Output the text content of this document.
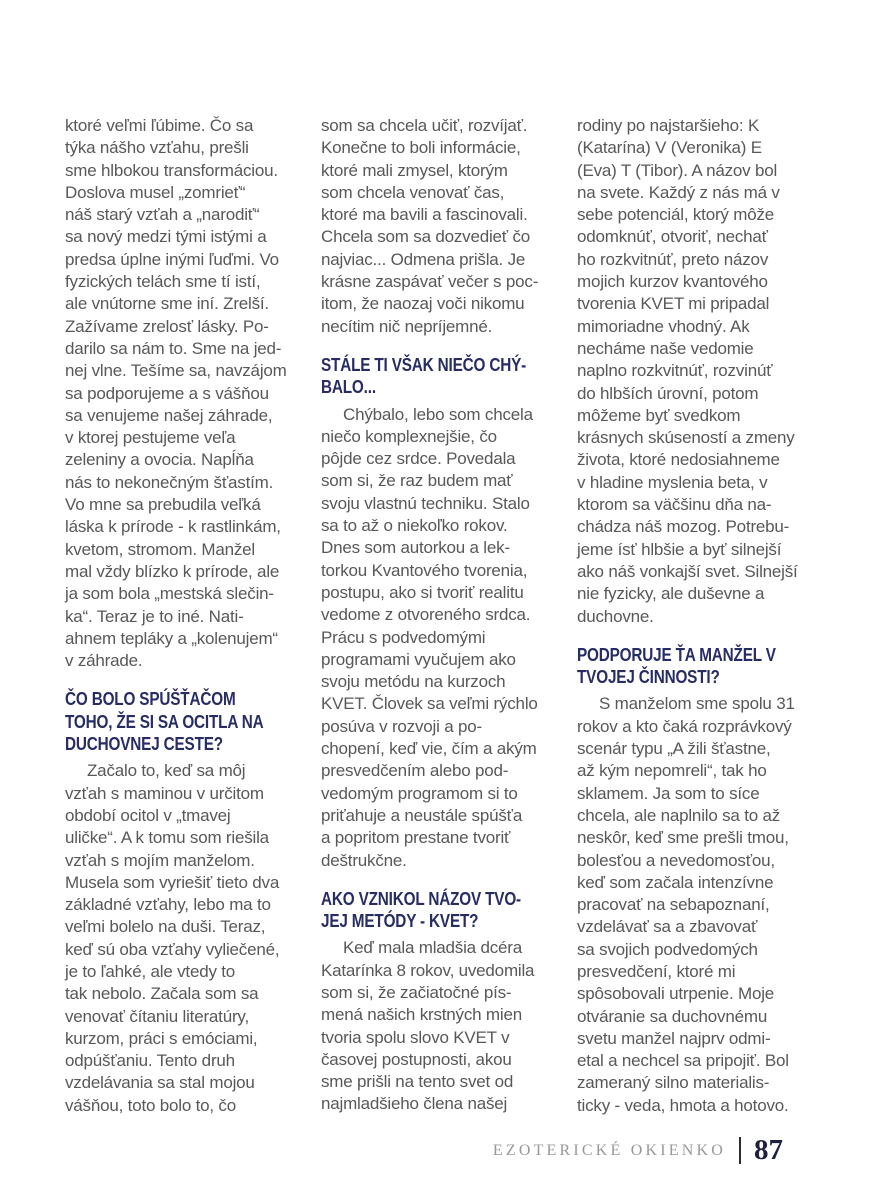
ktoré veľmi ľúbime. Čo sa
týka nášho vzťahu, prešli
sme hlbokou transformáciou.
Doslova musel „zomrieť“
náš starý vzťah a „narodiť“
sa nový medzi tými istými a
predsa úplne inými ľuďmi. Vo
fyzických telách sme tí istí,
ale vnútorne sme iní. Zrelší.
Zažívame zrelosť lásky. Po-
darilo sa nám to. Sme na jed-
nej vlne. Tešíme sa, navzájom
sa podporujeme a s vášňou
sa venujeme našej záhrade,
v ktorej pestujeme veľa
zeleniny a ovocia. Napĺňa
nás to nekonečným šťastím.
Vo mne sa prebudila veľká
láska k prírode - k rastlinkám,
kvetom, stromom. Manžel
mal vždy blízko k prírode, ale
ja som bola „mestská slečin-
ka“. Teraz je to iné. Nati-
ahnem tepláky a „kolenujem“
v záhrade.
ČO BOLO SPÚŠŤAČOM
TOHO, ŽE SI SA OCITLA NA
DUCHOVNEJ CESTE?
Začalo to, keď sa môj
vzťah s maminou v určitom
období ocitol v „tmavej
uličke“. A k tomu som riešila
vzťah s mojím manželom.
Musela som vyriešiť tieto dva
základné vzťahy, lebo ma to
veľmi bolelo na duši. Teraz,
keď sú oba vzťahy vyliečené,
je to ľahké, ale vtedy to
tak nebolo. Začala som sa
venovať čítaniu literatúry,
kurzom, práci s emóciami,
odpúšťaniu. Tento druh
vzdelávania sa stal mojou
vášňou, toto bolo to, čo
som sa chcela učiť, rozvíjať.
Konečne to boli informácie,
ktoré mali zmysel, ktorým
som chcela venovať čas,
ktoré ma bavili a fascinovali.
Chcela som sa dozvedieť čo
najviac... Odmena prišla. Je
krásne zaspávať večer s poc-
itom, že naozaj voči nikomu
necítim nič nepríjemné.
STÁLE TI VŠAK NIEČO CHÝ-
BALO...
Chýbalo, lebo som chcela
niečo komplexnejšie, čo
pôjde cez srdce. Povedala
som si, že raz budem mať
svoju vlastnú techniku. Stalo
sa to až o niekoľko rokov.
Dnes som autorkou a lek-
torkou Kvantového tvorenia,
postupu, ako si tvoriť realitu
vedome z otvoreného srdca.
Prácu s podvedomými
programami vyučujem ako
svoju metódu na kurzoch
KVET. Človek sa veľmi rýchlo
posúva v rozvoji a po-
chopení, keď vie, čím a akým
presvedčením alebo pod-
vedomým programom si to
priťahuje a neustále spúšťa
a popritom prestane tvoriť
deštrukčne.
AKO VZNIKOL NÁZOV TVO-
JEJ METÓDY - KVET?
Keď mala mladšia dcéra
Katarínka 8 rokov, uvedomila
som si, že začiatočné pís-
mená našich krstných mien
tvoria spolu slovo KVET v
časovej postupnosti, akou
sme prišli na tento svet od
najmladšieho člena našej
rodiny po najstaršieho: K
(Katarína) V (Veronika) E
(Eva) T (Tibor). A názov bol
na svete. Každý z nás má v
sebe potenciál, ktorý môže
odomknúť, otvoriť, nechať
ho rozkvitnúť, preto názov
mojich kurzov kvantového
tvorenia KVET mi pripadal
mimoriadne vhodný. Ak
necháme naše vedomie
naplno rozkvitnúť, rozvinúť
do hlbších úrovní, potom
môžeme byť svedkom
krásnych skúseností a zmeny
života, ktoré nedosiahneme
v hladine myslenia beta, v
ktorom sa väčšinu dňa na-
chádza náš mozog. Potrebu-
jeme ísť hlbšie a byť silnejší
ako náš vonkajší svet. Silnejší
nie fyzicky, ale duševne a
duchovne.
PODPORUJE ŤA MANŽEL V
TVOJEJ ČINNOSTI?
S manželom sme spolu 31
rokov a kto čaká rozprávkový
scenár typu „A žili šťastne,
až kým nepomreli“, tak ho
sklamem. Ja som to síce
chcela, ale naplnilo sa to až
neskôr, keď sme prešli tmou,
bolesťou a nevedomosťou,
keď som začala intenzívne
pracovať na sebapoznaní,
vzdelávať sa a zbavovať
sa svojich podvedomých
presvedčení, ktoré mi
spôsobovali utrpenie. Moje
otváranie sa duchovnému
svetu manžel najprv odmi-
etal a nechcel sa pripojiť. Bol
zameraný silno materialis-
ticky - veda, hmota a hotovo.
EZOTERICKÉ OKIENKO 87
